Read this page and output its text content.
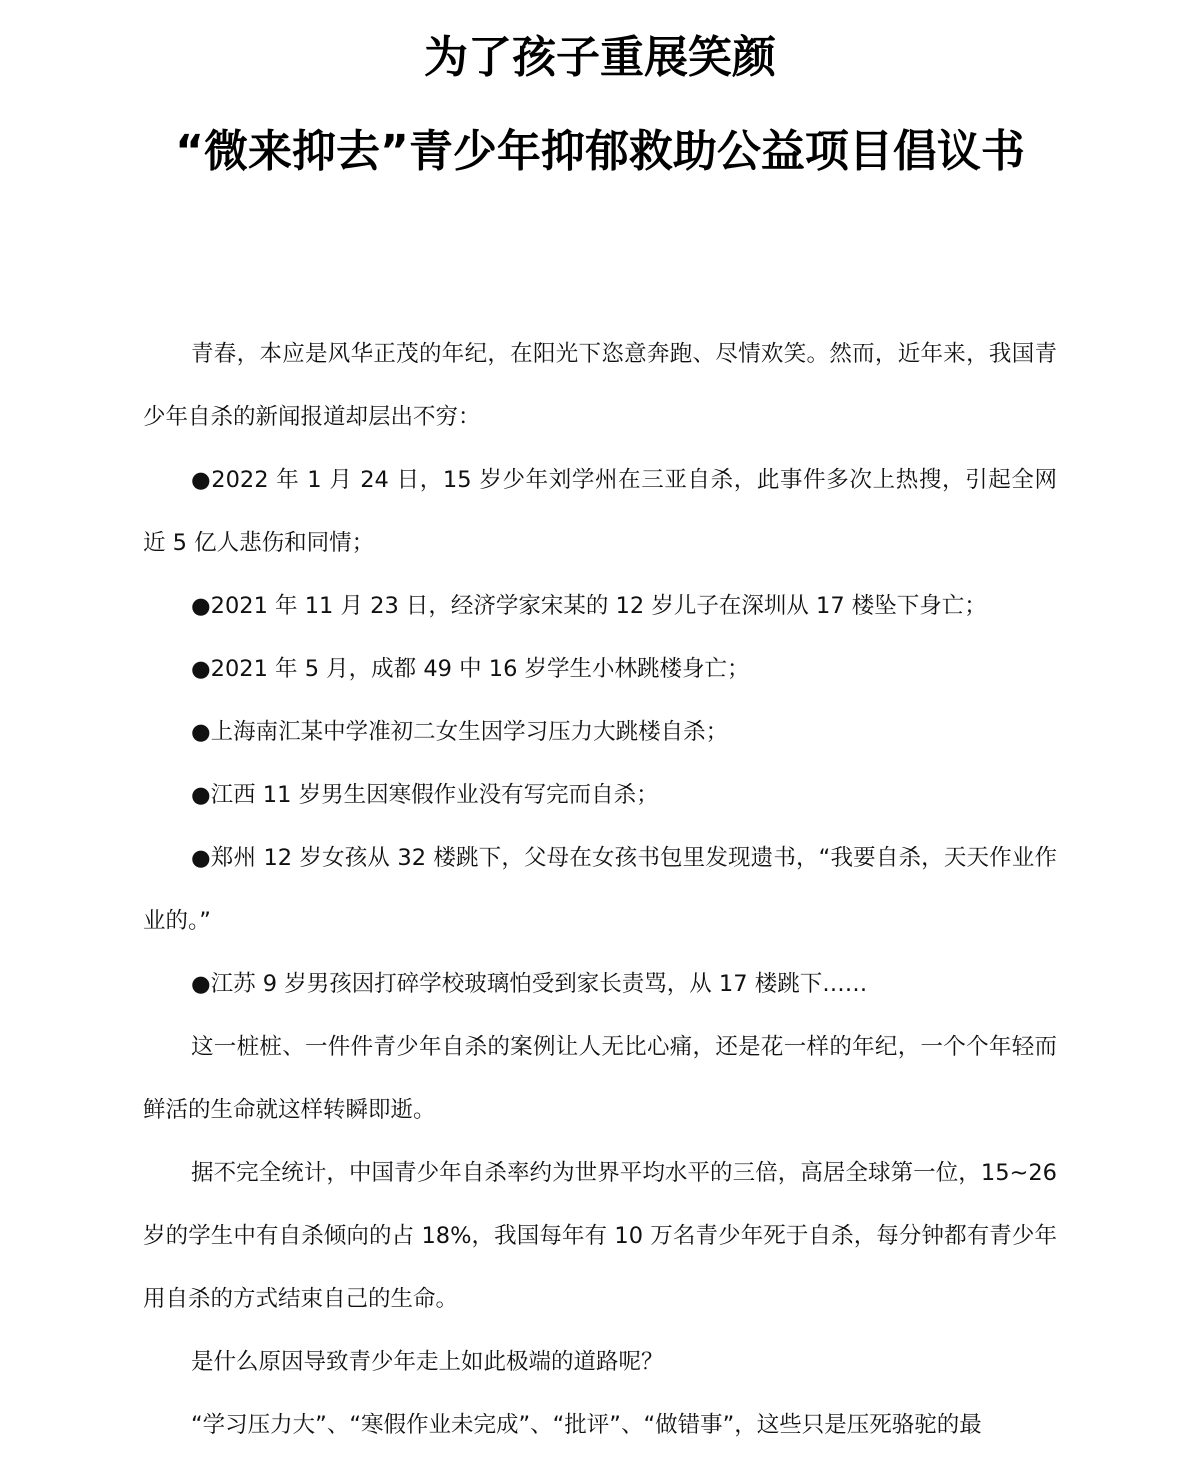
为了孩子重展笑颜
“微来抑去”青少年抑郁救助公益项目倡议书

青春，本应是风华正茂的年纪，在阳光下恣意奔跑、尽情欢笑。然而，近年来，我国青少年自杀的新闻报道却层出不穷：

●2022 年 1 月 24 日，15 岁少年刘学州在三亚自杀，此事件多次上热搜，引起全网近 5 亿人悲伤和同情；

●2021 年 11 月 23 日，经济学家宋某的 12 岁儿子在深圳从 17 楼坠下身亡；

●2021 年 5 月，成都 49 中 16 岁学生小林跳楼身亡；

●上海南汇某中学准初二女生因学习压力大跳楼自杀；

●江西 11 岁男生因寒假作业没有写完而自杀；

●郑州 12 岁女孩从 32 楼跳下，父母在女孩书包里发现遗书，“我要自杀，天天作业作业的。”

●江苏 9 岁男孩因打碎学校玻璃怕受到家长责骂，从 17 楼跳下……

这一桩桩、一件件青少年自杀的案例让人无比心痛，还是花一样的年纪，一个个年轻而鲜活的生命就这样转瞬即逝。

据不完全统计，中国青少年自杀率约为世界平均水平的三倍，高居全球第一位，15~26 岁的学生中有自杀倾向的占 18%，我国每年有 10 万名青少年死于自杀，每分钟都有青少年用自杀的方式结束自己的生命。

是什么原因导致青少年走上如此极端的道路呢？

“学习压力大”、“寒假作业未完成”、“批评”、“做错事”，这些只是压死骆驼的最
